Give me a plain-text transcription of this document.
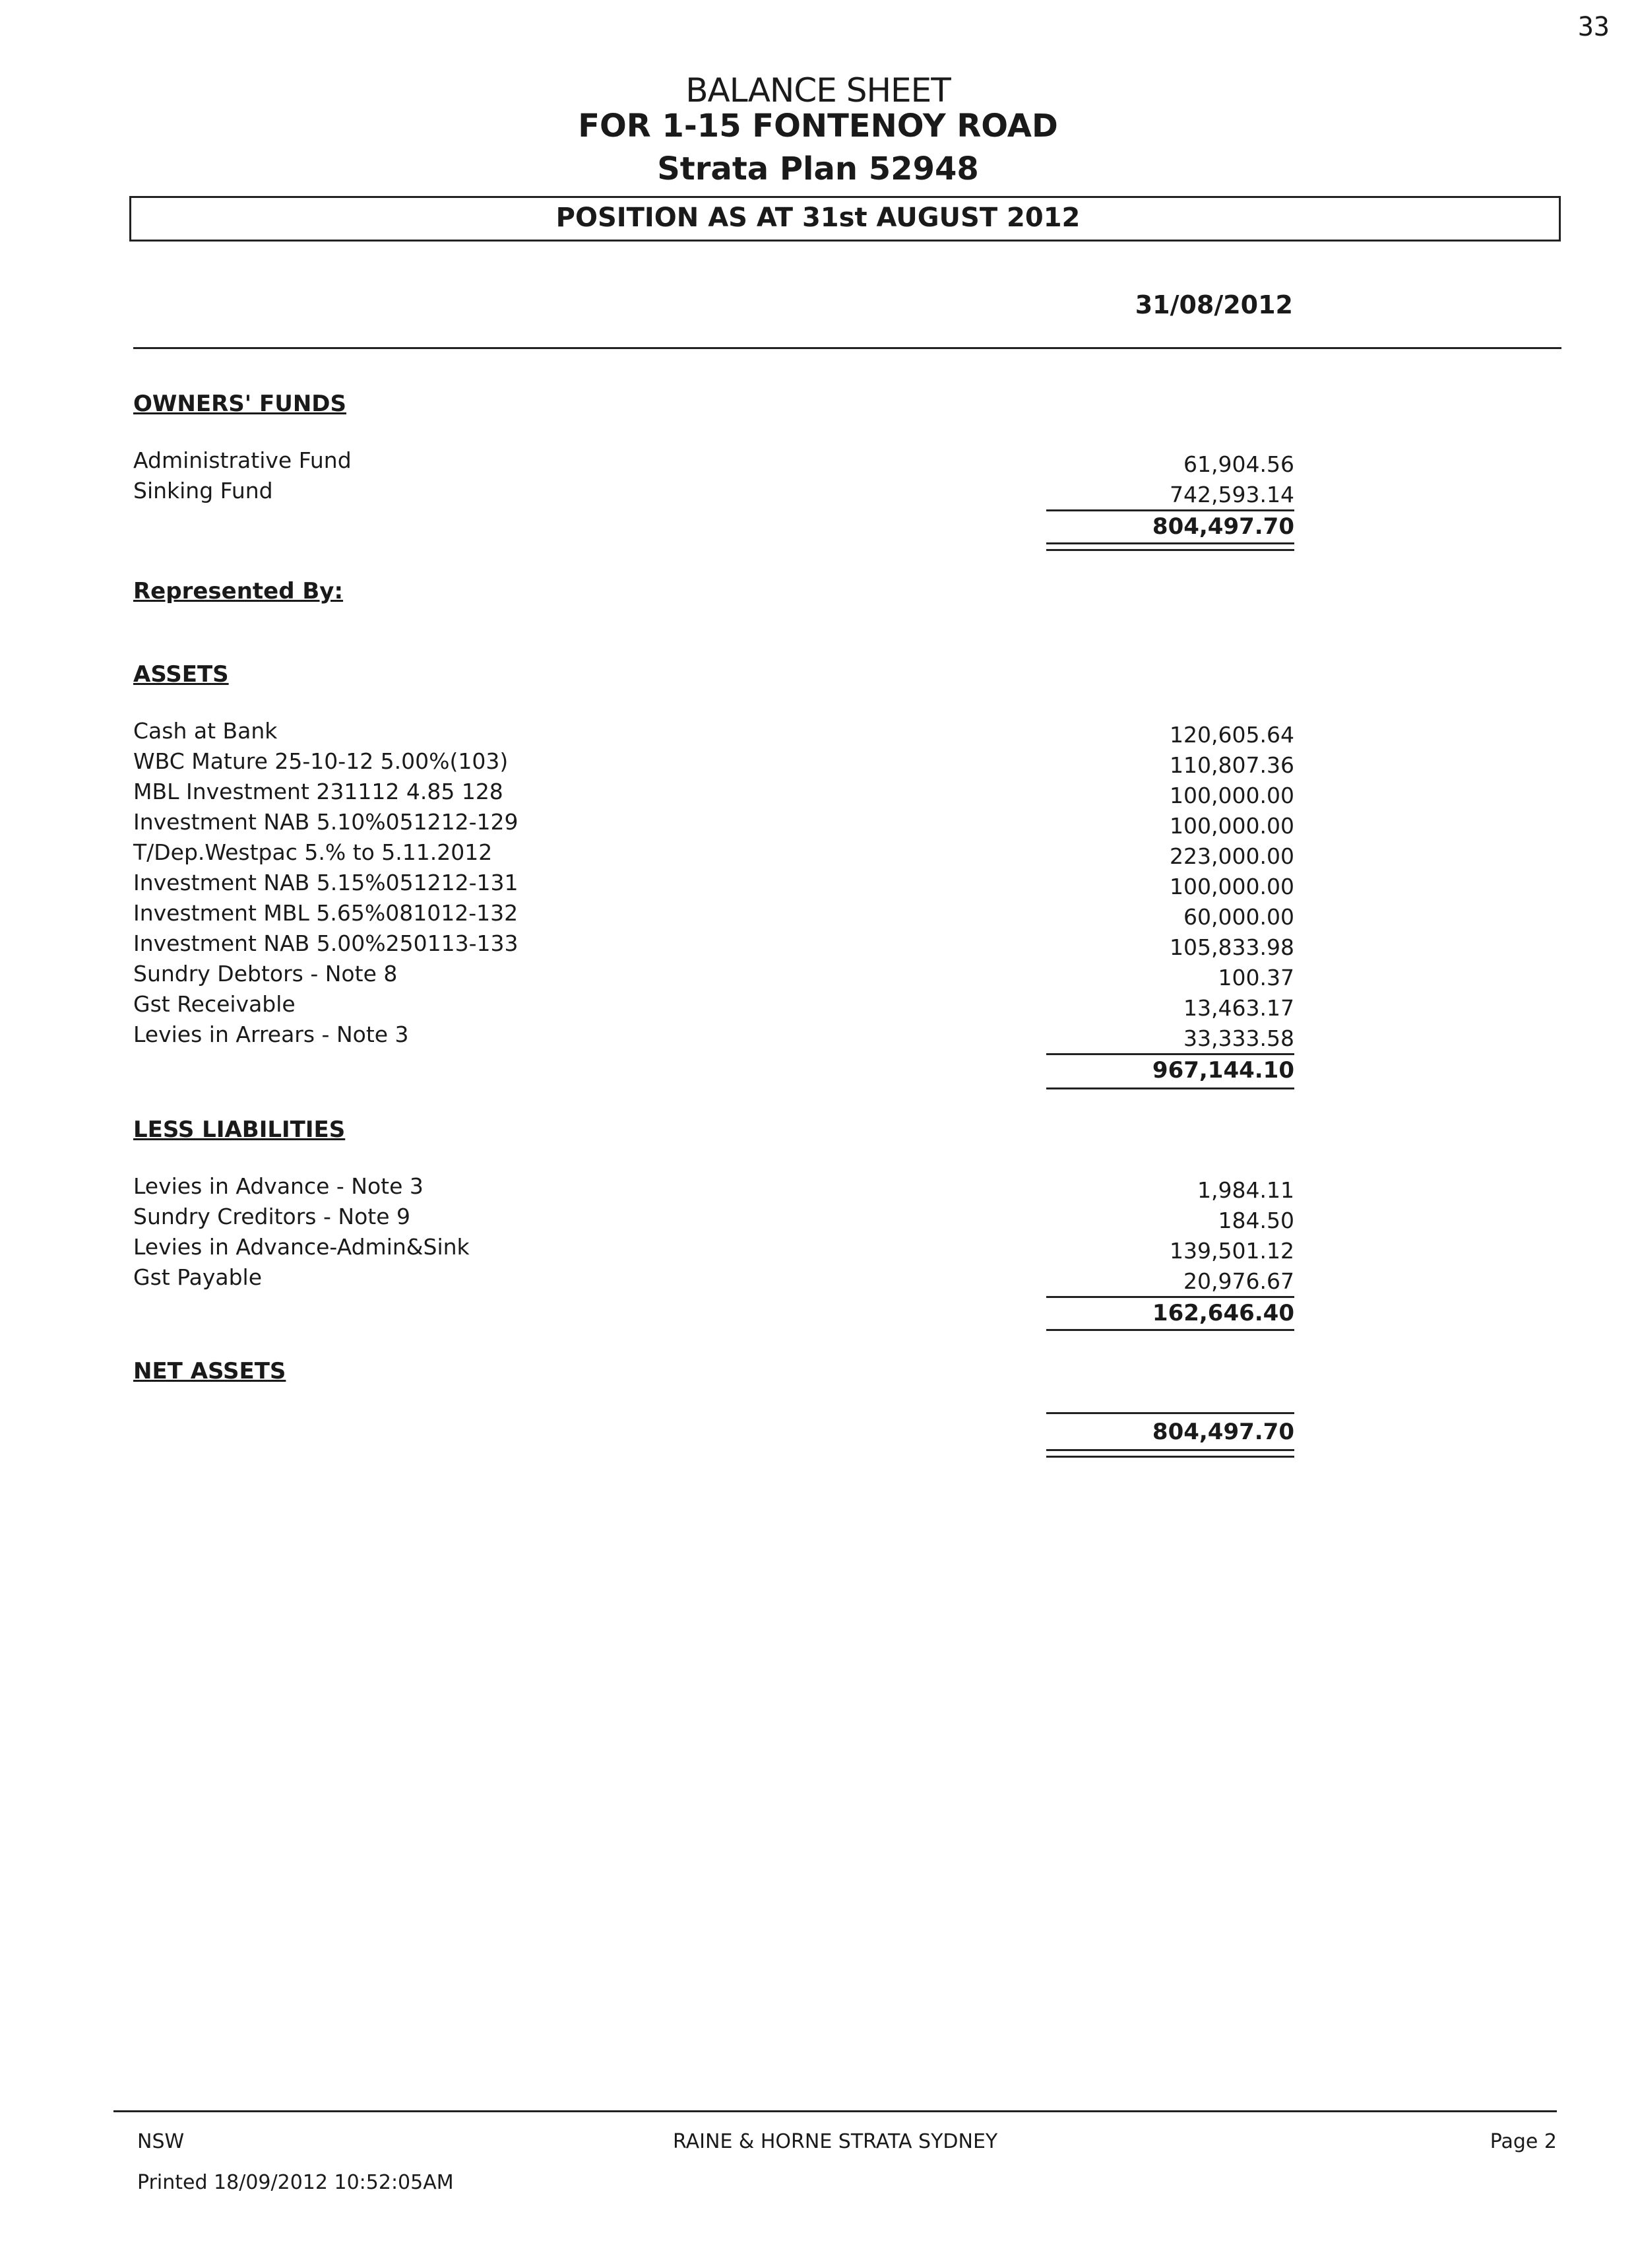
33
BALANCE SHEET
FOR 1-15 FONTENOY ROAD
Strata Plan 52948
POSITION AS AT 31st AUGUST 2012
31/08/2012
OWNERS' FUNDS
Administrative Fund	61,904.56
Sinking Fund	742,593.14
804,497.70
Represented By:
ASSETS
Cash at Bank	120,605.64
WBC Mature 25-10-12 5.00%(103)	110,807.36
MBL Investment 231112 4.85 128	100,000.00
Investment NAB 5.10%051212-129	100,000.00
T/Dep.Westpac 5.% to 5.11.2012	223,000.00
Investment NAB 5.15%051212-131	100,000.00
Investment MBL 5.65%081012-132	60,000.00
Investment NAB 5.00%250113-133	105,833.98
Sundry Debtors - Note 8	100.37
Gst Receivable	13,463.17
Levies in Arrears - Note 3	33,333.58
967,144.10
LESS LIABILITIES
Levies in Advance - Note 3	1,984.11
Sundry Creditors - Note 9	184.50
Levies in Advance-Admin&Sink	139,501.12
Gst Payable	20,976.67
162,646.40
NET ASSETS
804,497.70
NSW	RAINE & HORNE STRATA SYDNEY	Page 2
Printed 18/09/2012 10:52:05AM
